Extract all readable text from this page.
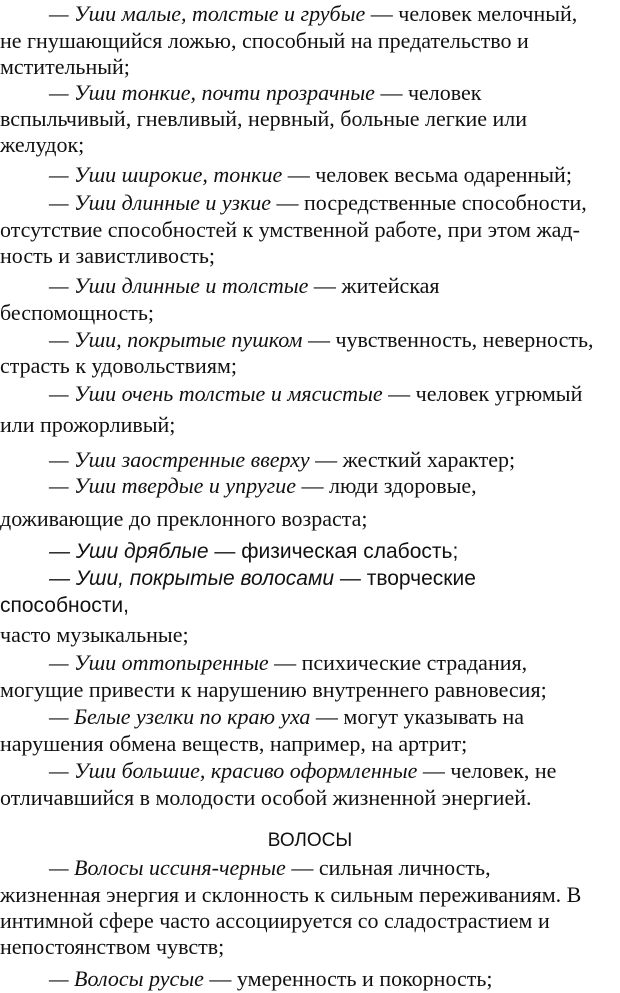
— Уши малые, толстые и грубые — человек мелочный,
не гнушающийся ложью, способный на предательство и
мстительный;
— Уши тонкие, почти прозрачные — человек
вспыльчивый, гневливый, нервный, больные легкие или
желудок;
— Уши широкие, тонкие — человек весьма одаренный;
— Уши длинные и узкие — посредственные способности,
отсутствие способностей к умственной работе, при этом жад-
ность и завистливость;
— Уши длинные и толстые — житейская
беспомощность;
— Уши, покрытые пушком — чувственность, неверность,
страсть к удовольствиям;
— Уши очень толстые и мясистые — человек угрюмый
или прожорливый;
— Уши заостренные вверху — жесткий характер;
— Уши твердые и упругие — люди здоровые,
доживающие до преклонного возраста;
— Уши дряблые — физическая слабость;
— Уши, покрытые волосами — творческие
способности,
часто музыкальные;
— Уши оттопыренные — психические страдания,
могущие привести к нарушению внутреннего равновесия;
— Белые узелки по краю уха — могут указывать на
нарушения обмена веществ, например, на артрит;
— Уши большие, красиво оформленные — человек, не
отличавшийся в молодости особой жизненной энергией.
ВОЛОСЫ
— Волосы иссиня-черные — сильная личность,
жизненная энергия и склонность к сильным переживаниям. В
интимной сфере часто ассоциируется со сладострастием и
непостоянством чувств;
— Волосы русые — умеренность и покорность;
